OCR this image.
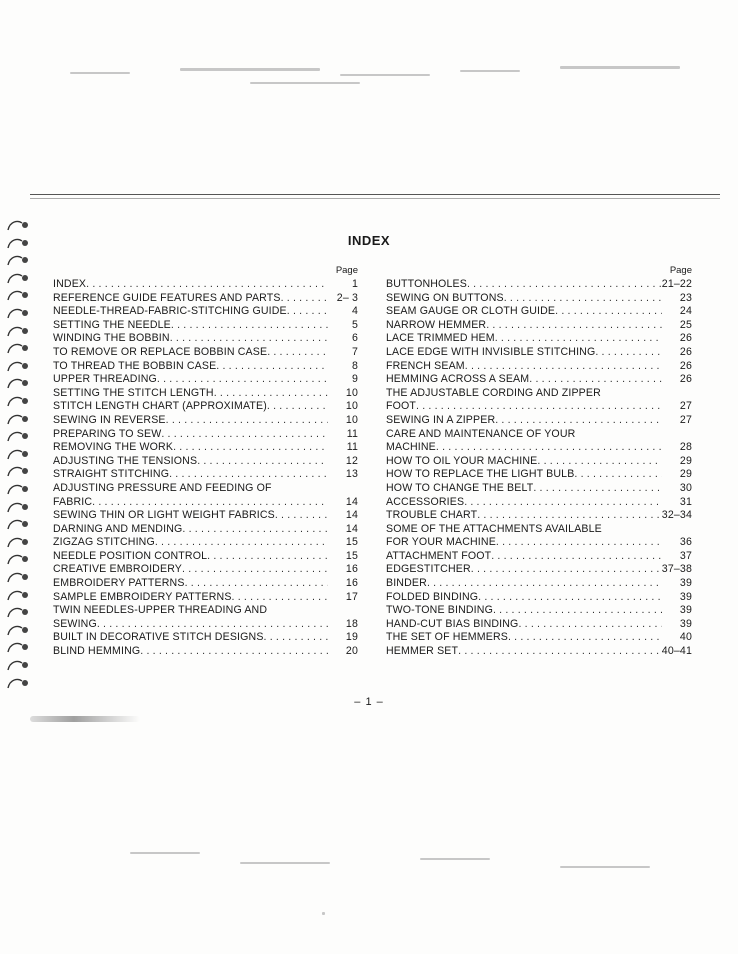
INDEX
Page
INDEX . . .	1
REFERENCE GUIDE FEATURES AND PARTS . . .	2– 3
NEEDLE-THREAD-FABRIC-STITCHING GUIDE . . .	4
SETTING THE NEEDLE . . .	5
WINDING THE BOBBIN . . .	6
TO REMOVE OR REPLACE BOBBIN CASE . . .	7
TO THREAD THE BOBBIN CASE . . .	8
UPPER THREADING . . .	9
SETTING THE STITCH LENGTH . . .	10
STITCH LENGTH CHART (APPROXIMATE) . . .	10
SEWING IN REVERSE . . .	10
PREPARING TO SEW . . .	11
REMOVING THE WORK . . .	11
ADJUSTING THE TENSIONS . . .	12
STRAIGHT STITCHING . . .	13
ADJUSTING PRESSURE AND FEEDING OF
FABRIC . . .	14
SEWING THIN OR LIGHT WEIGHT FABRICS . . .	14
DARNING AND MENDING . . .	14
ZIGZAG STITCHING . . .	15
NEEDLE POSITION CONTROL . . .	15
CREATIVE EMBROIDERY . . .	16
EMBROIDERY PATTERNS . . .	16
SAMPLE EMBROIDERY PATTERNS . . .	17
TWIN NEEDLES-UPPER THREADING AND
SEWING . . .	18
BUILT IN DECORATIVE STITCH DESIGNS . . .	19
BLIND HEMMING . . .	20
Page
BUTTONHOLES . . .	21–22
SEWING ON BUTTONS . . .	23
SEAM GAUGE OR CLOTH GUIDE . . .	24
NARROW HEMMER . . .	25
LACE TRIMMED HEM . . .	26
LACE EDGE WITH INVISIBLE STITCHING . . .	26
FRENCH SEAM . . .	26
HEMMING ACROSS A SEAM . . .	26
THE ADJUSTABLE CORDING AND ZIPPER
FOOT . . .	27
SEWING IN A ZIPPER . . .	27
CARE AND MAINTENANCE OF YOUR
MACHINE . . .	28
HOW TO OIL YOUR MACHINE . . .	29
HOW TO REPLACE THE LIGHT BULB . . .	29
HOW TO CHANGE THE BELT . . .	30
ACCESSORIES . . .	31
TROUBLE CHART . . .	32–34
SOME OF THE ATTACHMENTS AVAILABLE
FOR YOUR MACHINE . . .	36
ATTACHMENT FOOT . . .	37
EDGESTITCHER . . .	37–38
BINDER . . .	39
FOLDED BINDING . . .	39
TWO-TONE BINDING . . .	39
HAND-CUT BIAS BINDING . . .	39
THE SET OF HEMMERS . . .	40
HEMMER SET . . .	40–41
– 1 –
